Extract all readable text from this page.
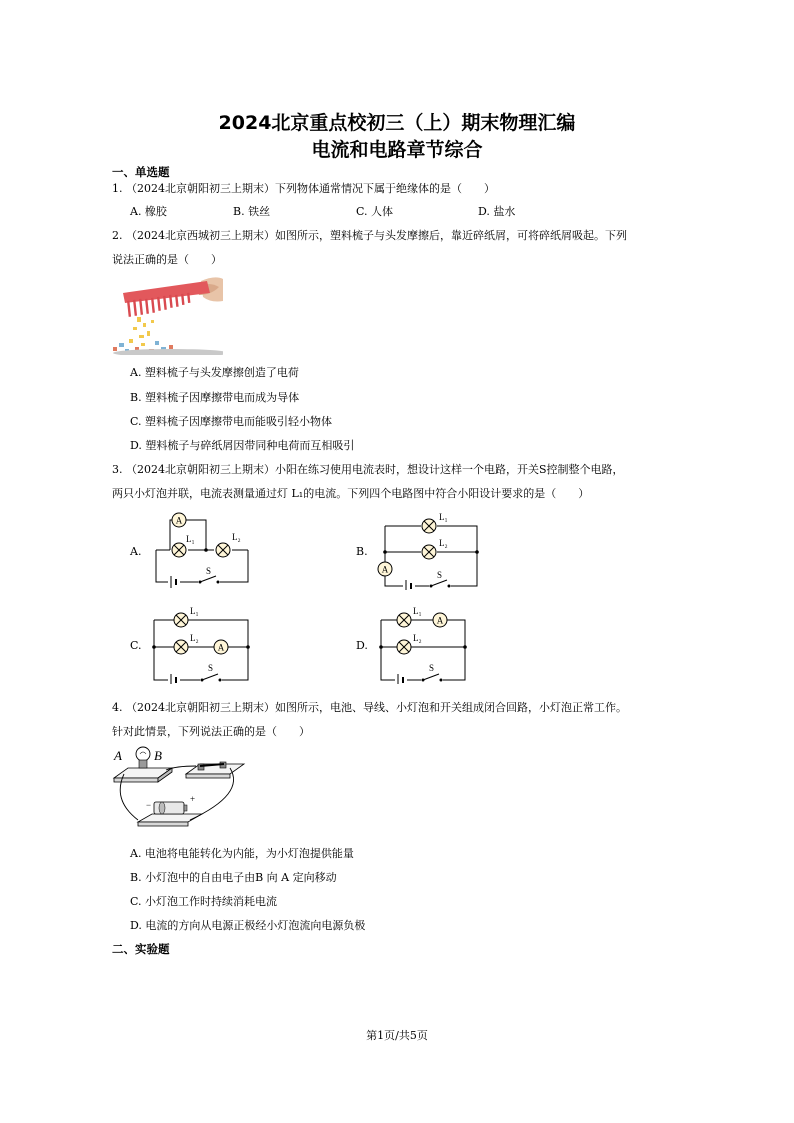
2024北京重点校初三（上）期末物理汇编
电流和电路章节综合
一、单选题
1. （2024北京朝阳初三上期末）下列物体通常情况下属于绝缘体的是（　　）
A. 橡胶	B. 铁丝	C. 人体	D. 盐水
2. （2024北京西城初三上期末）如图所示，塑料梳子与头发摩擦后，靠近碎纸屑，可将碎纸屑吸起。下列
说法正确的是（　　）
A. 塑料梳子与头发摩擦创造了电荷
B. 塑料梳子因摩擦带电而成为导体
C. 塑料梳子因摩擦带电而能吸引轻小物体
D. 塑料梳子与碎纸屑因带同种电荷而互相吸引
3. （2024北京朝阳初三上期末）小阳在练习使用电流表时，想设计这样一个电路，开关S控制整个电路，
两只小灯泡并联，电流表测量通过灯 L₁的电流。下列四个电路图中符合小阳设计要求的是（　　）
A.
A
L₁	L₂
S
B.
L₁
L₂
A
S
C.
L₁
L₂
A
S
D.
L₁
A
L₂
S
4. （2024北京朝阳初三上期末）如图所示，电池、导线、小灯泡和开关组成闭合回路，小灯泡正常工作。
针对此情景，下列说法正确的是（　　）
A B
−
+
A. 电池将电能转化为内能，为小灯泡提供能量
B. 小灯泡中的自由电子由B 向 A 定向移动
C. 小灯泡工作时持续消耗电流
D. 电流的方向从电源正极经小灯泡流向电源负极
二、实验题
第1页/共5页
